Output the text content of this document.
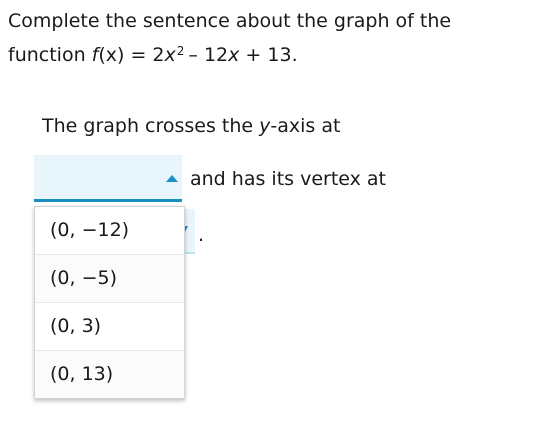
Complete the sentence about the graph of the
function $f(x) = 2x^2 - 12x + 13$.
The graph crosses the y-axis at
and has its vertex at
.
(0, −12)
(0, −5)
(0, 3)
(0, 13)
